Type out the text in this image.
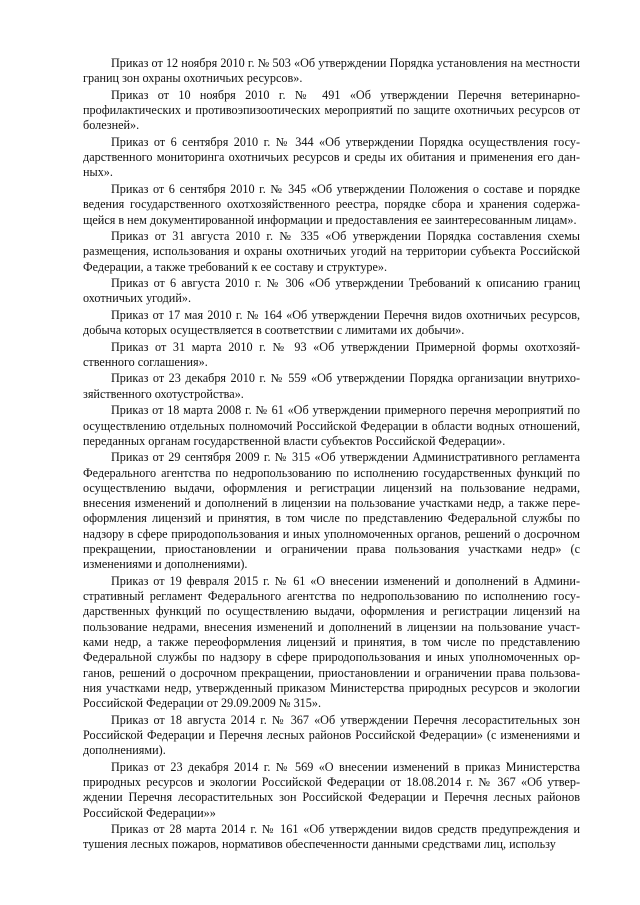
Приказ от 12 ноября 2010 г. № 503 «Об утверждении Порядка установления на местности границ зон охраны охотничьих ресурсов».

Приказ от 10 ноября 2010 г. № 491 «Об утверждении Перечня ветеринарно-профилактических и противоэпизоотических мероприятий по защите охотничьих ресурсов от болезней».

Приказ от 6 сентября 2010 г. № 344 «Об утверждении Порядка осуществления государственного мониторинга охотничьих ресурсов и среды их обитания и применения его данных».

Приказ от 6 сентября 2010 г. № 345 «Об утверждении Положения о составе и порядке ведения государственного охотхозяйственного реестра, порядке сбора и хранения содержащейся в нем документированной информации и предоставления ее заинтересованным лицам».

Приказ от 31 августа 2010 г. № 335 «Об утверждении Порядка составления схемы размещения, использования и охраны охотничьих угодий на территории субъекта Российской Федерации, а также требований к ее составу и структуре».

Приказ от 6 августа 2010 г. № 306 «Об утверждении Требований к описанию границ охотничьих угодий».

Приказ от 17 мая 2010 г. № 164 «Об утверждении Перечня видов охотничьих ресурсов, добыча которых осуществляется в соответствии с лимитами их добычи».

Приказ от 31 марта 2010 г. № 93 «Об утверждении Примерной формы охотхозяйственного соглашения».

Приказ от 23 декабря 2010 г. № 559 «Об утверждении Порядка организации внутрихозяйственного охотустройства».

Приказ от 18 марта 2008 г. № 61 «Об утверждении примерного перечня мероприятий по осуществлению отдельных полномочий Российской Федерации в области водных отношений, переданных органам государственной власти субъектов Российской Федерации».

Приказ от 29 сентября 2009 г. № 315 «Об утверждении Административного регламента Федерального агентства по недропользованию по исполнению государственных функций по осуществлению выдачи, оформления и регистрации лицензий на пользование недрами, внесения изменений и дополнений в лицензии на пользование участками недр, а также переоформления лицензий и принятия, в том числе по представлению Федеральной службы по надзору в сфере природопользования и иных уполномоченных органов, решений о досрочном прекращении, приостановлении и ограничении права пользования участками недр» (с изменениями и дополнениями).

Приказ от 19 февраля 2015 г. № 61 «О внесении изменений и дополнений в Административный регламент Федерального агентства по недропользованию по исполнению государственных функций по осуществлению выдачи, оформления и регистрации лицензий на пользование недрами, внесения изменений и дополнений в лицензии на пользование участками недр, а также переоформления лицензий и принятия, в том числе по представлению Федеральной службы по надзору в сфере природопользования и иных уполномоченных органов, решений о досрочном прекращении, приостановлении и ограничении права пользования участками недр, утвержденный приказом Министерства природных ресурсов и экологии Российской Федерации от 29.09.2009 № 315».

Приказ от 18 августа 2014 г. № 367 «Об утверждении Перечня лесорастительных зон Российской Федерации и Перечня лесных районов Российской Федерации» (с изменениями и дополнениями).

Приказ от 23 декабря 2014 г. № 569 «О внесении изменений в приказ Министерства природных ресурсов и экологии Российской Федерации от 18.08.2014 г. № 367 «Об утверждении Перечня лесорастительных зон Российской Федерации и Перечня лесных районов Российской Федерации»»

Приказ от 28 марта 2014 г. № 161 «Об утверждении видов средств предупреждения и тушения лесных пожаров, нормативов обеспеченности данными средствами лиц, использу
